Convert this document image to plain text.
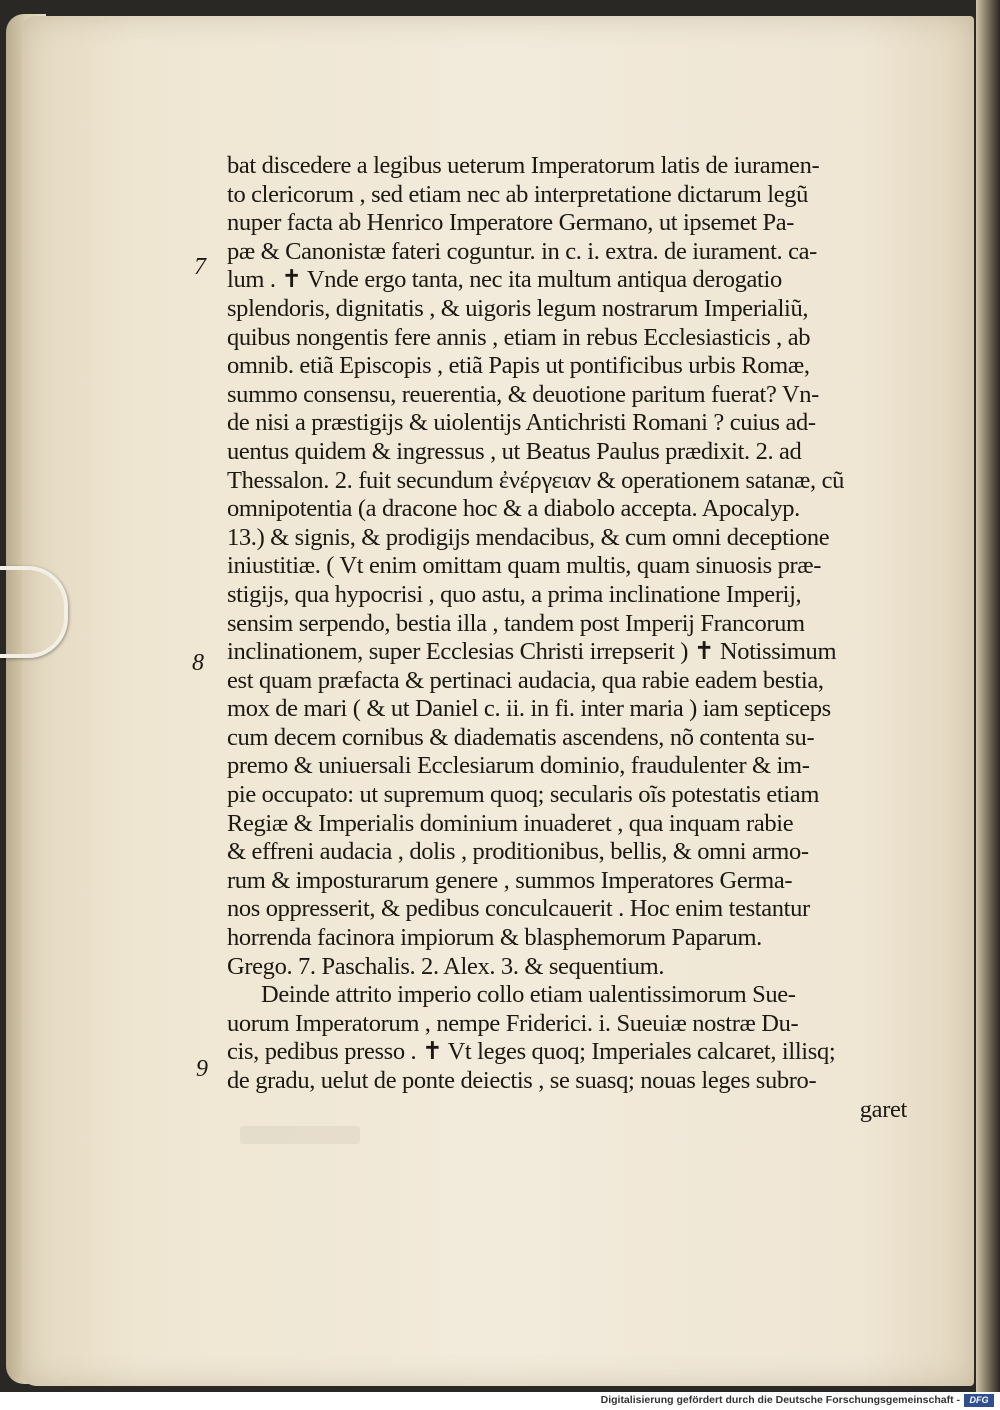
7
8
9
bat discedere a legibus ueterum Imperatorum latis de iuramen-
to clericorum , sed etiam nec ab interpretatione dictarum legũ
nuper facta ab Henrico Imperatore Germano, ut ipsemet Pa-
pæ & Canonistæ fateri coguntur. in c. i. extra. de iurament. ca-
lum . ✝ Vnde ergo tanta, nec ita multum antiqua derogatio
splendoris, dignitatis , & uigoris legum nostrarum Imperialiũ,
quibus nongentis fere annis , etiam in rebus Ecclesiasticis , ab
omnib. etiã Episcopis , etiã Papis ut pontificibus urbis Romæ,
summo consensu, reuerentia, & deuotione paritum fuerat? Vn-
de nisi a præstigijs & uiolentijs Antichristi Romani ? cuius ad-
uentus quidem & ingressus , ut Beatus Paulus prædixit. 2. ad
Thessalon. 2. fuit secundum ἐνέργειαν & operationem satanæ, cũ
omnipotentia (a dracone hoc & a diabolo accepta. Apocalyp.
13.) & signis, & prodigijs mendacibus, & cum omni deceptione
iniustitiæ. ( Vt enim omittam quam multis, quam sinuosis præ-
stigijs, qua hypocrisi , quo astu, a prima inclinatione Imperij,
sensim serpendo, bestia illa , tandem post Imperij Francorum
inclinationem, super Ecclesias Christi irrepserit ) ✝ Notissimum
est quam præfacta & pertinaci audacia, qua rabie eadem bestia,
mox de mari ( & ut Daniel c. ii. in fi. inter maria ) iam septiceps
cum decem cornibus & diadematis ascendens, nõ contenta su-
premo & uniuersali Ecclesiarum dominio, fraudulenter & im-
pie occupato: ut supremum quoq; secularis oĩs potestatis etiam
Regiæ & Imperialis dominium inuaderet , qua inquam rabie
& effreni audacia , dolis , proditionibus, bellis, & omni armo-
rum & imposturarum genere , summos Imperatores Germa-
nos oppresserit, & pedibus conculcauerit . Hoc enim testantur
horrenda facinora impiorum & blasphemorum Paparum.
Grego. 7. Paschalis. 2. Alex. 3. & sequentium.
Deinde attrito imperio collo etiam ualentissimorum Sue-
uorum Imperatorum , nempe Friderici. i. Sueuiæ nostræ Du-
cis, pedibus presso . ✝ Vt leges quoq; Imperiales calcaret, illisq;
de gradu, uelut de ponte deiectis , se suasq; nouas leges subro-
garet
Digitalisierung gefördert durch die Deutsche Forschungsgemeinschaft -	DFG
